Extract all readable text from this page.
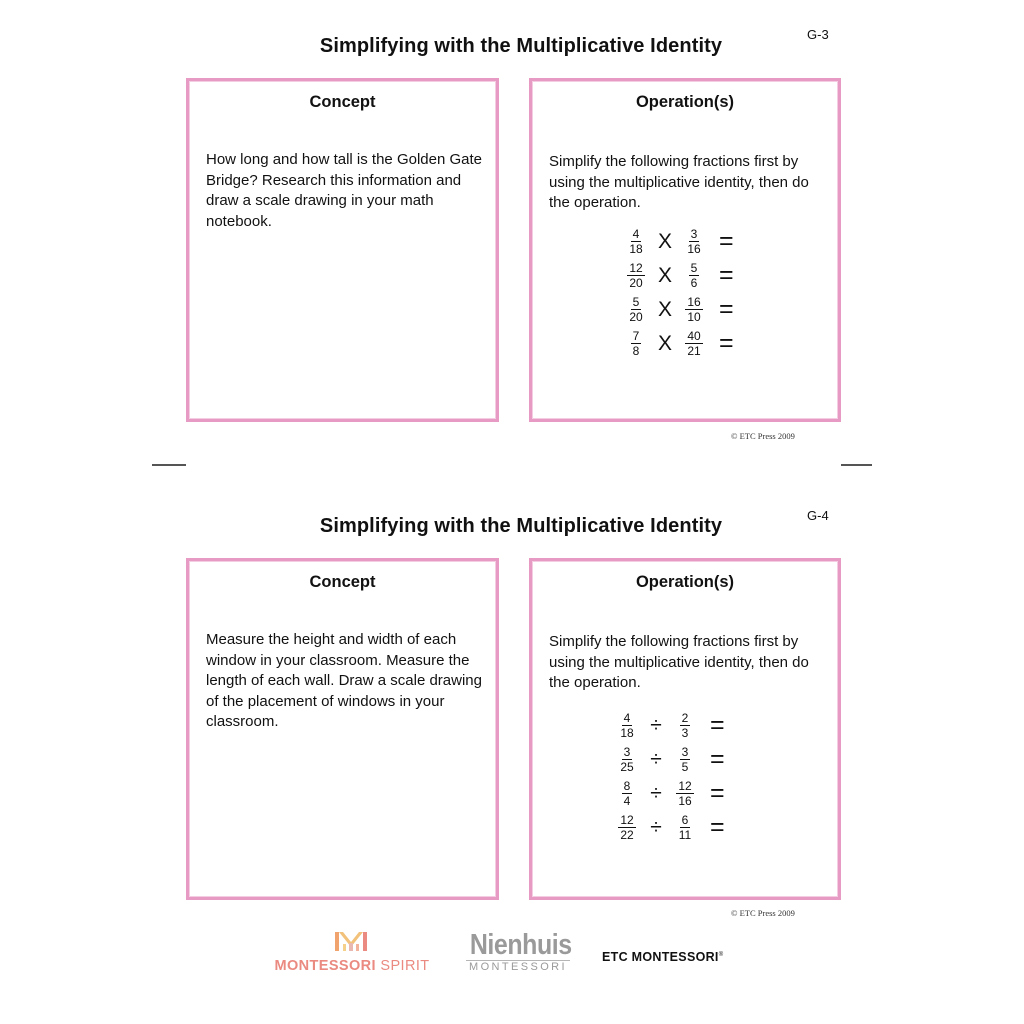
Simplifying with the Multiplicative Identity
G-3
Concept
How long and how tall is the Golden Gate Bridge? Research this information and draw a scale drawing in your math notebook.
Operation(s)
Simplify the following fractions first by using the multiplicative identity, then do the operation.
$\frac{4}{18}$ X $\frac{3}{16}$ =
$\frac{12}{20}$ X $\frac{5}{6}$ =
$\frac{5}{20}$ X $\frac{16}{10}$ =
$\frac{7}{8}$ X $\frac{40}{21}$ =
© ETC Press 2009
Simplifying with the Multiplicative Identity	G-4
Concept
Measure the height and width of each window in your classroom. Measure the length of each wall. Draw a scale drawing of the placement of windows in your classroom.
Operation(s)
Simplify the following fractions first by using the multiplicative identity, then do the operation.
$\frac{4}{18} \div \frac{2}{3}$ =
$\frac{3}{25} \div \frac{3}{5}$ =
$\frac{8}{4} \div \frac{12}{16}$ =
$\frac{12}{22} \div \frac{6}{11}$ =
© ETC Press 2009
MONTESSORI SPIRIT
Nienhuis
MONTESSORI
ETC MONTESSORI®
